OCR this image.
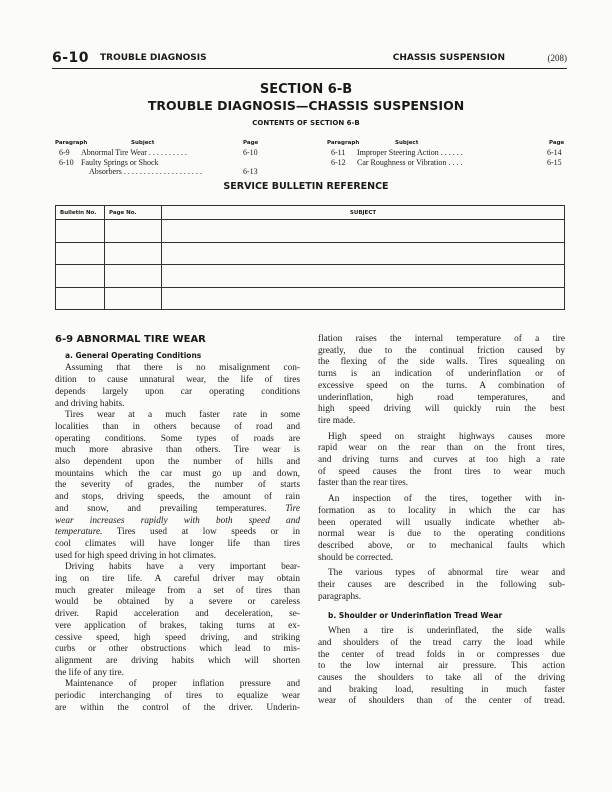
6-10 TROUBLE DIAGNOSIS	CHASSIS SUSPENSION	(208)
SECTION 6-B
TROUBLE DIAGNOSIS—CHASSIS SUSPENSION
CONTENTS OF SECTION 6-B
Paragraph	Subject	Page
6-9 Abnormal Tire Wear . . . . . . . . . .	6-10
6-10 Faulty Springs or Shock
Absorbers . . . . . . . . . . . . . . . . . . . .	6-13
Paragraph	Subject	Page
6-11 Improper Steering Action . . . . . .	6-14
6-12 Car Roughness or Vibration . . . .	6-15
SERVICE BULLETIN REFERENCE
Bulletin No.	Page No.	SUBJECT

6-9 ABNORMAL TIRE WEAR
a. General Operating Conditions
Assuming that there is no misalignment con-
dition to cause unnatural wear, the life of tires
depends largely upon car operating conditions
and driving habits.
Tires wear at a much faster rate in some
localities than in others because of road and
operating conditions. Some types of roads are
much more abrasive than others. Tire wear is
also dependent upon the number of hills and
mountains which the car must go up and down,
the severity of grades, the number of starts
and stops, driving speeds, the amount of rain
and snow, and prevailing temperatures. Tire
wear increases rapidly with both speed and
temperature. Tires used at low speeds or in
cool climates will have longer life than tires
used for high speed driving in hot climates.
Driving habits have a very important bear-
ing on tire life. A careful driver may obtain
much greater mileage from a set of tires than
would be obtained by a severe or careless
driver. Rapid acceleration and deceleration, se-
vere application of brakes, taking turns at ex-
cessive speed, high speed driving, and striking
curbs or other obstructions which lead to mis-
alignment are driving habits which will shorten
the life of any tire.
Maintenance of proper inflation pressure and
periodic interchanging of tires to equalize wear
are within the control of the driver. Underin-
flation raises the internal temperature of a tire
greatly, due to the continual friction caused by
the flexing of the side walls. Tires squealing on
turns is an indication of underinflation or of
excessive speed on the turns. A combination of
underinflation, high road temperatures, and
high speed driving will quickly ruin the best
tire made.
High speed on straight highways causes more
rapid wear on the rear than on the front tires,
and driving turns and curves at too high a rate
of speed causes the front tires to wear much
faster than the rear tires.
An inspection of the tires, together with in-
formation as to locality in which the car has
been operated will usually indicate whether ab-
normal wear is due to the operating conditions
described above, or to mechanical faults which
should be corrected.
The various types of abnormal tire wear and
their causes are described in the following sub-
paragraphs.
b. Shoulder or Underinflation Tread Wear
When a tire is underinflated, the side walls
and shoulders of the tread carry the load while
the center of tread folds in or compresses due
to the low internal air pressure. This action
causes the shoulders to take all of the driving
and braking load, resulting in much faster
wear of shoulders than of the center of tread.
